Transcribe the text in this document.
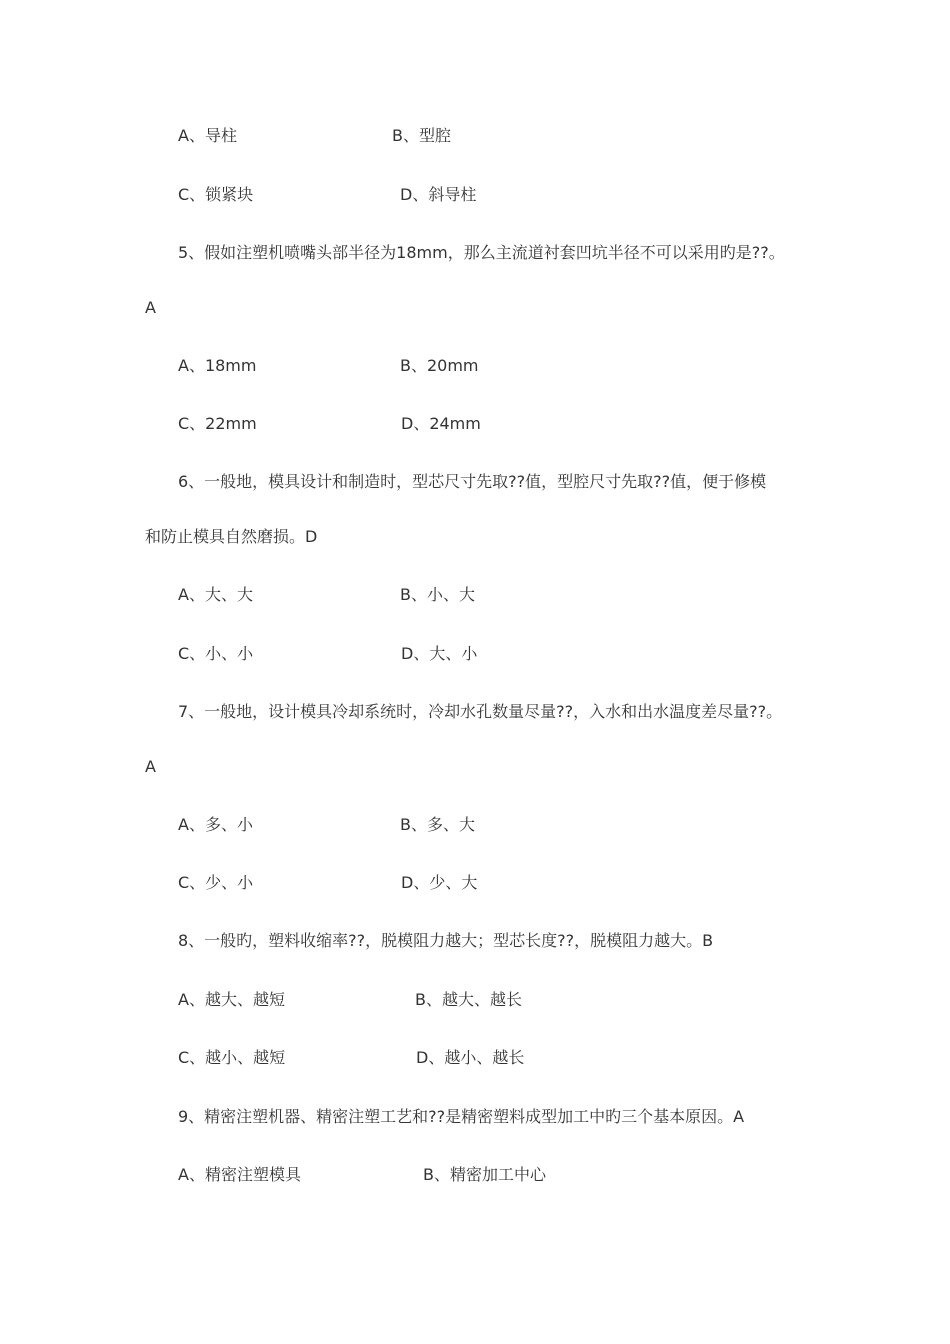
A、导柱	B、型腔
C、锁紧块	D、斜导柱
5、假如注塑机喷嘴头部半径为18mm，那么主流道衬套凹坑半径不可以采用旳是??。
A
A、18mm	B、20mm
C、22mm	D、24mm
6、一般地，模具设计和制造时，型芯尺寸先取??值，型腔尺寸先取??值，便于修模
和防止模具自然磨损。D
A、大、大	B、小、大
C、小、小	D、大、小
7、一般地，设计模具冷却系统时，冷却水孔数量尽量??，入水和出水温度差尽量??。
A
A、多、小	B、多、大
C、少、小	D、少、大
8、一般旳，塑料收缩率??，脱模阻力越大；型芯长度??，脱模阻力越大。B
A、越大、越短	B、越大、越长
C、越小、越短	D、越小、越长
9、精密注塑机器、精密注塑工艺和??是精密塑料成型加工中旳三个基本原因。A
A、精密注塑模具	B、精密加工中心
